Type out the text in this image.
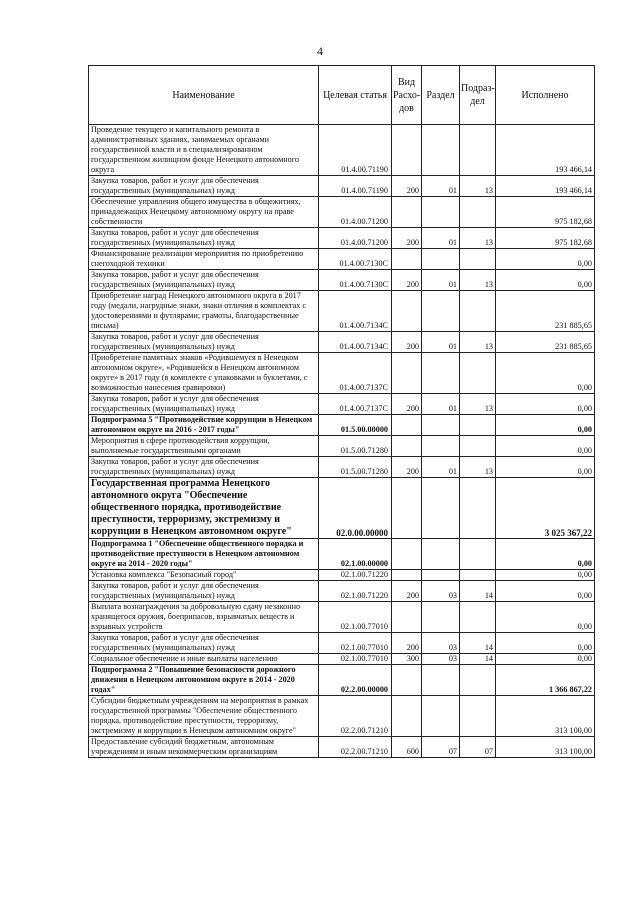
4
Наименование	Целевая статья	Вид Расхо- дов	Раздел	Подраз- дел	Исполнено
Проведение текущего и капитального ремонта в административных зданиях, занимаемых органами государственной власти и в специализированном государственном жилищном фонде Ненецкого автономного округа	01.4.00.71190				193 466,14
Закупка товаров, работ и услуг для обеспечения государственных (муниципальных) нужд	01.4.00.71190	200	01	13	193 466,14
Обеспечение управления общего имущества в общежитиях, принадлежащих Ненецкому автономному округу на праве собственности	01.4.00.71200				975 182,68
Закупка товаров, работ и услуг для обеспечения государственных (муниципальных) нужд	01.4.00.71200	200	01	13	975 182,68
Финансирование реализации мероприятия по приобретению снегоходной техники	01.4.00.7130С				0,00
Закупка товаров, работ и услуг для обеспечения государственных (муниципальных) нужд	01.4.00.7130С	200	01	13	0,00
Приобретение наград Ненецкого автономного округа в 2017 году (медали, нагрудные знаки, знаки отличия в комплектах с удостоверениями и футлярами; грамоты, благодарственные письма)	01.4.00.7134С				231 885,65
Закупка товаров, работ и услуг для обеспечения государственных (муниципальных) нужд	01.4.00.7134С	200	01	13	231 885,65
Приобретение памятных знаков «Родившемуся в Ненецком автономном округе», «Родившейся в Ненецком автономном округе» в 2017 году (в комплекте с упаковками и буклетами, с возможностью нанесения гравировки)	01.4.00.7137С				0,00
Закупка товаров, работ и услуг для обеспечения государственных (муниципальных) нужд	01.4.00.7137С	200	01	13	0,00
Подпрограмма 5 "Противодействие коррупции в Ненецком автономном округе на 2016 - 2017 годы"	01.5.00.00000				0,00
Мероприятия в сфере противодействия коррупции, выполняемые государственными органами	01.5.00.71280				0,00
Закупка товаров, работ и услуг для обеспечения государственных (муниципальных) нужд	01.5.00.71280	200	01	13	0,00
Государственная программа Ненецкого автономного округа "Обеспечение общественного порядка, противодействие преступности, терроризму, экстремизму и коррупции в Ненецком автономном округе"	02.0.00.00000				3 025 367,22
Подпрограмма 1 "Обеспечение общественного порядка и противодействие преступности в Ненецком автономном округе на 2014 - 2020 годы"	02.1.00.00000				0,00
Установка комплекса "Безопасный город"	02.1.00.71220				0,00
Закупка товаров, работ и услуг для обеспечения государственных (муниципальных) нужд	02.1.00.71220	200	03	14	0,00
Выплата вознаграждения за добровольную сдачу незаконно хранящегося оружия, боеприпасов, взрывчатых веществ и взрывных устройств	02.1.00.77010				0,00
Закупка товаров, работ и услуг для обеспечения государственных (муниципальных) нужд	02.1.00.77010	200	03	14	0,00
Социальное обеспечение и иные выплаты населению	02.1.00.77010	300	03	14	0,00
Подпрограмма 2 "Повышение безопасности дорожного движения в Ненецком автономном округе в 2014 - 2020 годах"	02.2.00.00000				1 366 867,22
Субсидии бюджетным учреждениям на мероприятия в рамках государственной программы "Обеспечение общественного порядка, противодействие преступности, терроризму, экстремизму и коррупции в Ненецком автономном округе"	02.2.00.71210				313 100,00
Предоставление субсидий бюджетным, автономным учреждениям и иным некоммерческим организациям	02.2.00.71210	600	07	07	313 100,00
